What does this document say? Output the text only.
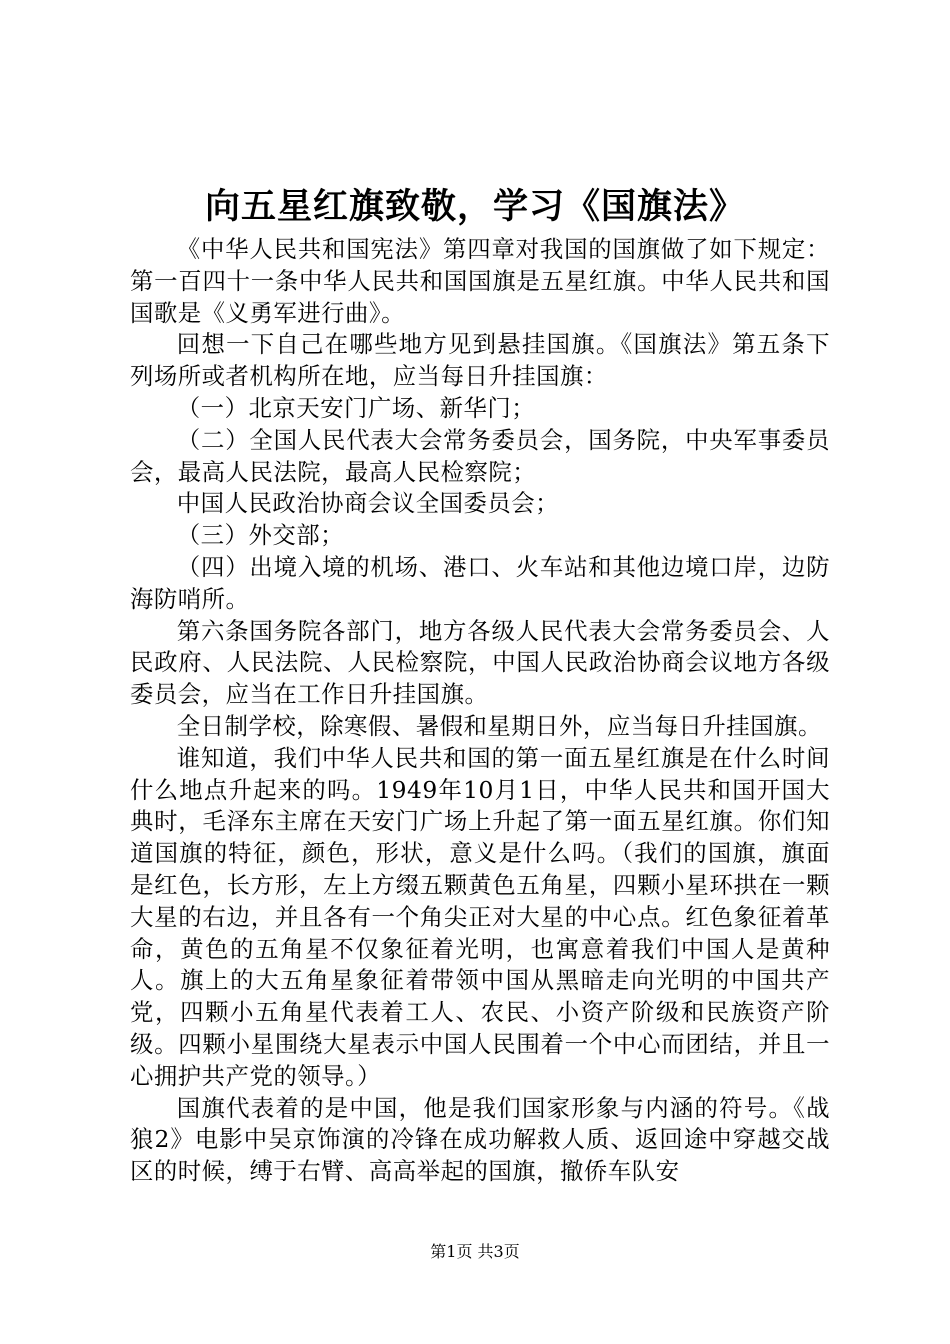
向五星红旗致敬，学习《国旗法》

《中华人民共和国宪法》第四章对我国的国旗做了如下规定：第一百四十一条中华人民共和国国旗是五星红旗。中华人民共和国国歌是《义勇军进行曲》。

回想一下自己在哪些地方见到悬挂国旗。《国旗法》第五条下列场所或者机构所在地，应当每日升挂国旗：

（一）北京天安门广场、新华门；

（二）全国人民代表大会常务委员会，国务院，中央军事委员会，最高人民法院，最高人民检察院；

中国人民政治协商会议全国委员会；

（三）外交部；

（四）出境入境的机场、港口、火车站和其他边境口岸，边防海防哨所。

第六条国务院各部门，地方各级人民代表大会常务委员会、人民政府、人民法院、人民检察院，中国人民政治协商会议地方各级委员会，应当在工作日升挂国旗。

全日制学校，除寒假、暑假和星期日外，应当每日升挂国旗。

谁知道，我们中华人民共和国的第一面五星红旗是在什么时间什么地点升起来的吗。1949年10月1日，中华人民共和国开国大典时，毛泽东主席在天安门广场上升起了第一面五星红旗。你们知道国旗的特征，颜色，形状，意义是什么吗。（我们的国旗，旗面是红色，长方形，左上方缀五颗黄色五角星，四颗小星环拱在一颗大星的右边，并且各有一个角尖正对大星的中心点。红色象征着革命，黄色的五角星不仅象征着光明，也寓意着我们中国人是黄种人。旗上的大五角星象征着带领中国从黑暗走向光明的中国共产党，四颗小五角星代表着工人、农民、小资产阶级和民族资产阶级。四颗小星围绕大星表示中国人民围着一个中心而团结，并且一心拥护共产党的领导。）

国旗代表着的是中国，他是我们国家形象与内涵的符号。《战狼2》电影中吴京饰演的冷锋在成功解救人质、返回途中穿越交战区的时候，缚于右臂、高高举起的国旗，撤侨车队安

第1页 共3页
